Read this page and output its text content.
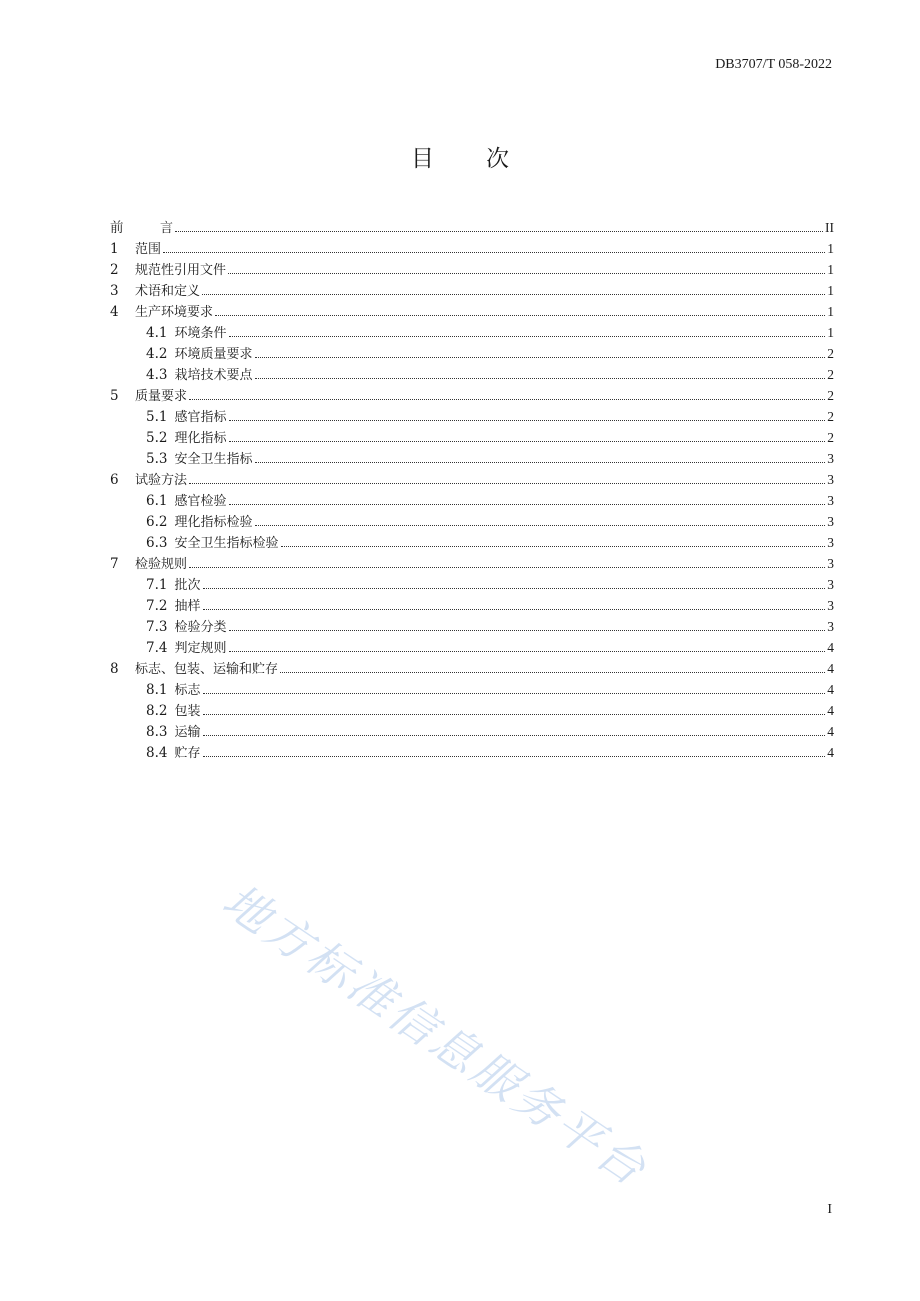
DB3707/T 058-2022
目 次
前	言	II
1	范围	1
2	规范性引用文件	1
3	术语和定义	1
4	生产环境要求	1
4.1 环境条件	1
4.2 环境质量要求	2
4.3 栽培技术要点	2
5	质量要求	2
5.1 感官指标	2
5.2 理化指标	2
5.3 安全卫生指标	3
6	试验方法	3
6.1 感官检验	3
6.2 理化指标检验	3
6.3 安全卫生指标检验	3
7	检验规则	3
7.1 批次	3
7.2 抽样	3
7.3 检验分类	3
7.4 判定规则	4
8	标志、包装、运输和贮存	4
8.1 标志	4
8.2 包装	4
8.3 运输	4
8.4 贮存	4
地方标准信息服务平台
I
